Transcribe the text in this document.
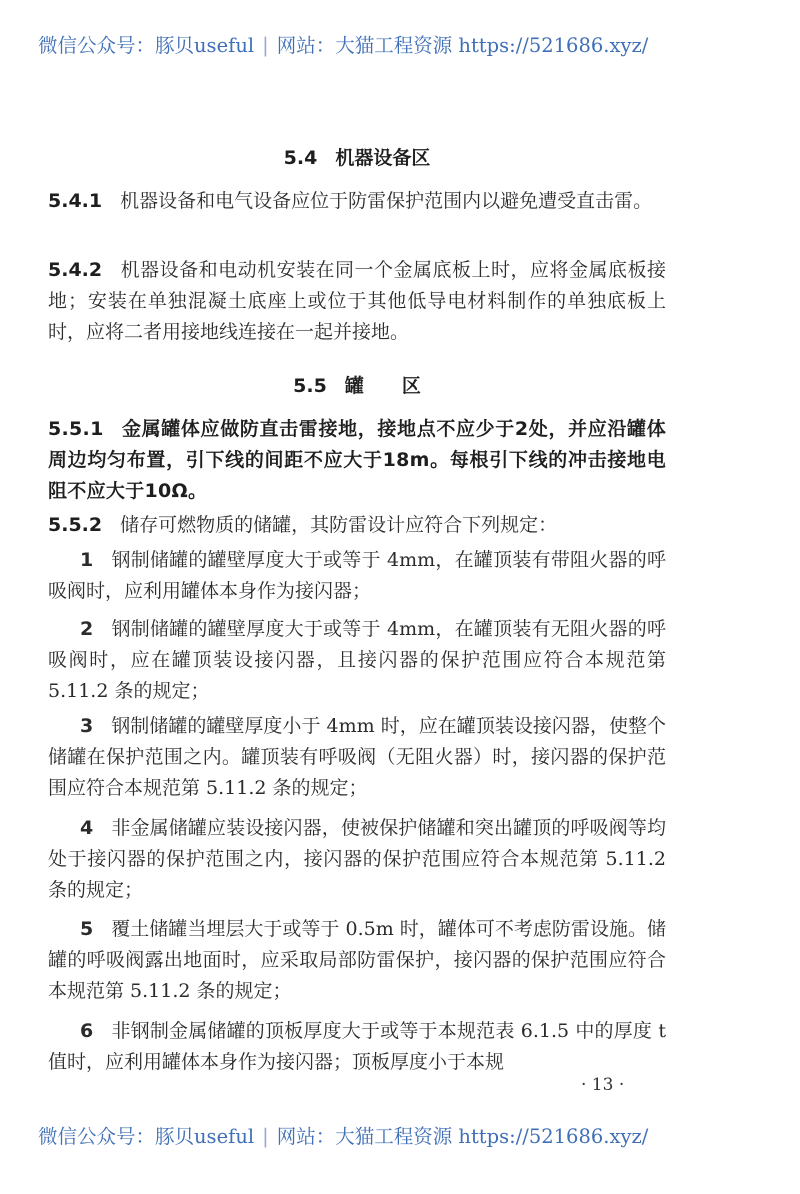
微信公众号：豚贝useful | 网站：大猫工程资源 https://521686.xyz/
5.4 机器设备区
5.4.1 机器设备和电气设备应位于防雷保护范围内以避免遭受直击雷。
5.4.2 机器设备和电动机安装在同一个金属底板上时，应将金属底板接地；安装在单独混凝土底座上或位于其他低导电材料制作的单独底板上时，应将二者用接地线连接在一起并接地。
5.5 罐　　区
5.5.1 金属罐体应做防直击雷接地，接地点不应少于2处，并应沿罐体周边均匀布置，引下线的间距不应大于18m。每根引下线的冲击接地电阻不应大于10Ω。
5.5.2 储存可燃物质的储罐，其防雷设计应符合下列规定：
1 钢制储罐的罐壁厚度大于或等于 4mm，在罐顶装有带阻火器的呼吸阀时，应利用罐体本身作为接闪器；
2 钢制储罐的罐壁厚度大于或等于 4mm，在罐顶装有无阻火器的呼吸阀时，应在罐顶装设接闪器，且接闪器的保护范围应符合本规范第 5.11.2 条的规定；
3 钢制储罐的罐壁厚度小于 4mm 时，应在罐顶装设接闪器，使整个储罐在保护范围之内。罐顶装有呼吸阀（无阻火器）时，接闪器的保护范围应符合本规范第 5.11.2 条的规定；
4 非金属储罐应装设接闪器，使被保护储罐和突出罐顶的呼吸阀等均处于接闪器的保护范围之内，接闪器的保护范围应符合本规范第 5.11.2 条的规定；
5 覆土储罐当埋层大于或等于 0.5m 时，罐体可不考虑防雷设施。储罐的呼吸阀露出地面时，应采取局部防雷保护，接闪器的保护范围应符合本规范第 5.11.2 条的规定；
6 非钢制金属储罐的顶板厚度大于或等于本规范表 6.1.5 中的厚度 t 值时，应利用罐体本身作为接闪器；顶板厚度小于本规
· 13 ·
微信公众号：豚贝useful | 网站：大猫工程资源 https://521686.xyz/
